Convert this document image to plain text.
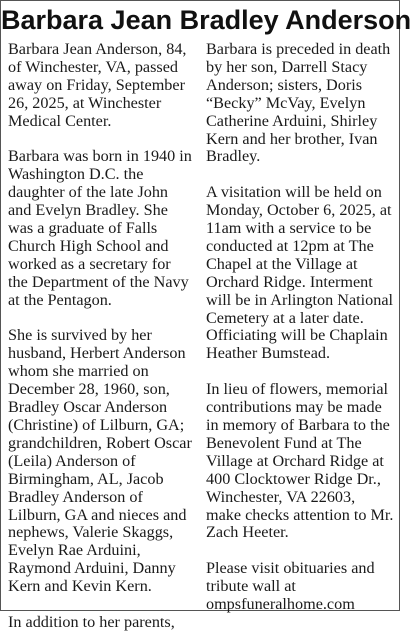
Barbara Jean Bradley Anderson

Barbara Jean Anderson, 84, of Winchester, VA, passed away on Friday, September 26, 2025, at Winchester Medical Center.

Barbara was born in 1940 in Washington D.C. the daughter of the late John and Evelyn Bradley. She was a graduate of Falls Church High School and worked as a secretary for the Department of the Navy at the Pentagon.

She is survived by her husband, Herbert Anderson whom she married on December 28, 1960, son, Bradley Oscar Anderson (Christine) of Lilburn, GA; grandchildren, Robert Oscar (Leila) Anderson of Birmingham, AL, Jacob Bradley Anderson of Lilburn, GA and nieces and nephews, Valerie Skaggs, Evelyn Rae Arduini, Raymond Arduini, Danny Kern and Kevin Kern.

In addition to her parents,

Barbara is preceded in death by her son, Darrell Stacy Anderson; sisters, Doris “Becky” McVay, Evelyn Catherine Arduini, Shirley Kern and her brother, Ivan Bradley.

A visitation will be held on Monday, October 6, 2025, at 11am with a service to be conducted at 12pm at The Chapel at the Village at Orchard Ridge. Interment will be in Arlington National Cemetery at a later date. Officiating will be Chaplain Heather Bumstead.

In lieu of flowers, memorial contributions may be made in memory of Barbara to the Benevolent Fund at The Village at Orchard Ridge at 400 Clocktower Ridge Dr., Winchester, VA 22603, make checks attention to Mr. Zach Heeter.

Please visit obituaries and tribute wall at ompsfuneralhome.com
